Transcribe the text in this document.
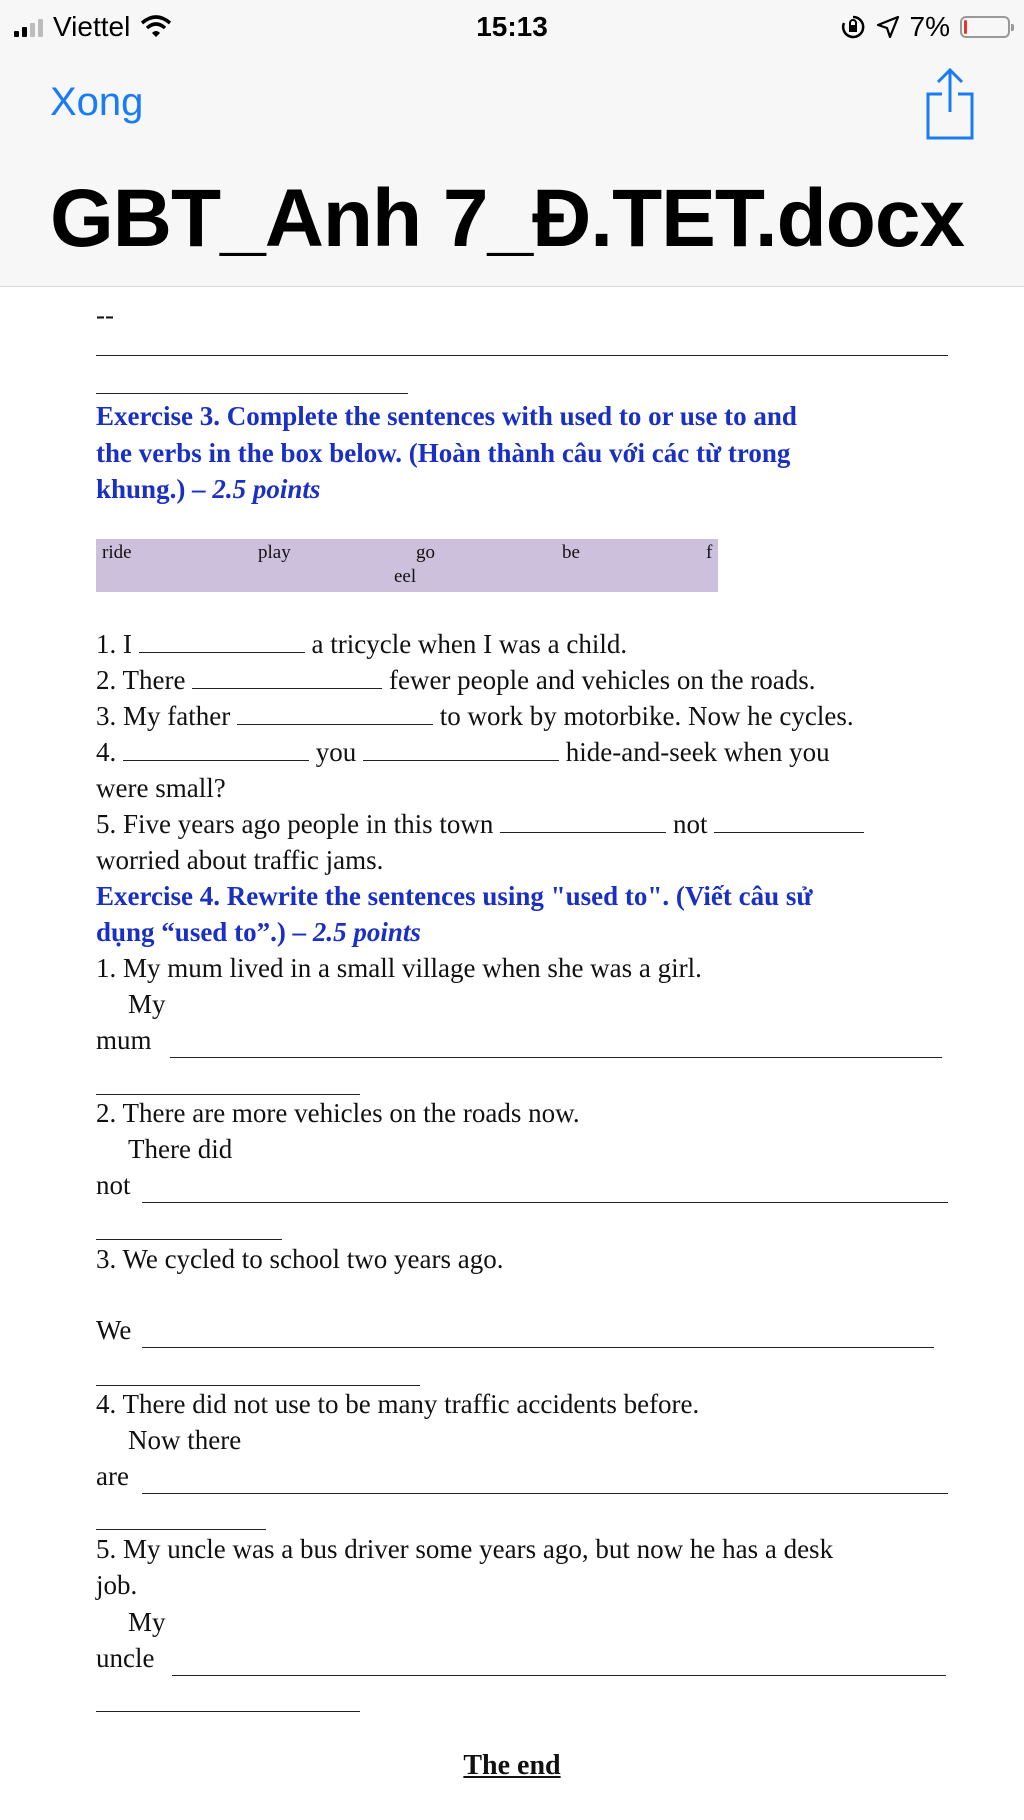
Viettel	15:13	7%
Xong
GBT_Anh 7_Đ.TET.docx
--
Exercise 3. Complete the sentences with used to or use to and
the verbs in the box below. (Hoàn thành câu với các từ trong
khung.) – 2.5 points
ride	play	go	be	f
eel
1. I	a tricycle when I was a child.
2. There	fewer people and vehicles on the roads.
3. My father	to work by motorbike. Now he cycles.
4.	you	hide-and-seek when you
were small?
5. Five years ago people in this town	not
worried about traffic jams.
Exercise 4. Rewrite the sentences using "used to". (Viết câu sử
dụng “used to”.) – 2.5 points
1. My mum lived in a small village when she was a girl.
My
mum
2. There are more vehicles on the roads now.
There did
not
3. We cycled to school two years ago.
We
4. There did not use to be many traffic accidents before.
Now there
are
5. My uncle was a bus driver some years ago, but now he has a desk
job.
My
uncle
The end
